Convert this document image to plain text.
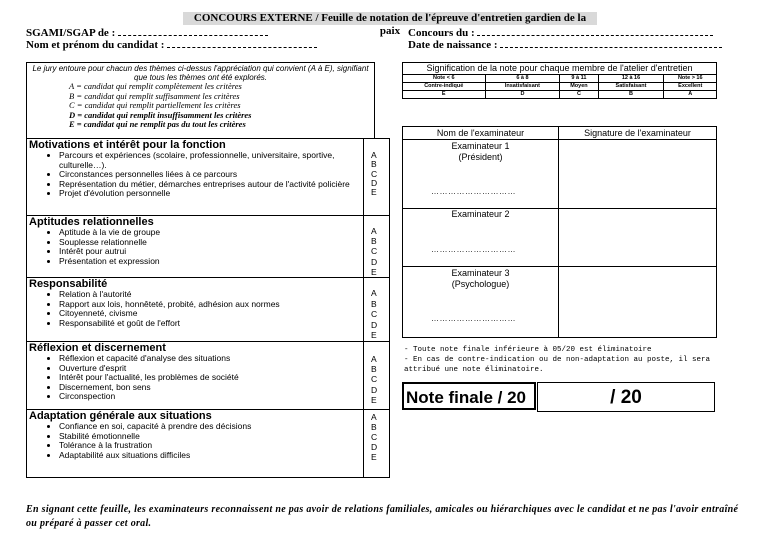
CONCOURS EXTERNE / Feuille de notation de l'épreuve d'entretien gardien de la paix
SGAMI/SGAP de :
Nom et prénom du candidat :
Concours du :
Date de naissance :
Le jury entoure pour chacun des thèmes ci-dessus l'appréciation qui convient (A à E), signifiant que tous les thèmes ont été explorés.
A = candidat qui remplit complètement les critères
B = candidat qui remplit suffisamment les critères
C = candidat qui remplit partiellement les critères
D = candidat qui remplit insuffisamment les critères
E = candidat qui ne remplit pas du tout les critères
Motivations et intérêt pour la fonction
• Parcours et expériences (scolaire, professionnelle, universitaire, sportive, culturelle…).
• Circonstances personnelles liées à ce parcours
• Représentation du métier, démarches entreprises autour de l'activité policière
• Projet d'évolution personnelle
A
B
C
D
E
Aptitudes relationnelles
• Aptitude à la vie de groupe
• Souplesse relationnelle
• Intérêt pour autrui
• Présentation et expression
A
B
C
D
E
Responsabilité
• Relation à l'autorité
• Rapport aux lois, honnêteté, probité, adhésion aux normes
• Citoyenneté, civisme
• Responsabilité et goût de l'effort
A
B
C
D
E
Réflexion et discernement
• Réflexion et capacité d'analyse des situations
• Ouverture d'esprit
• Intérêt pour l'actualité, les problèmes de société
• Discernement, bon sens
• Circonspection
A
B
C
D
E
Adaptation générale aux situations
• Confiance en soi, capacité à prendre des décisions
• Stabilité émotionnelle
• Tolérance à la frustration
• Adaptabilité aux situations difficiles
A
B
C
D
E
Signification de la note pour chaque membre de l'atelier d'entretien
Note < 6	6 à 8	9 à 11	12 à 16	Note > 16
Contre-indiqué	Insatisfaisant	Moyen	Satisfaisant	Excellent
E	D	C	B	A
Nom de l'examinateur	Signature de l'examinateur
Examinateur 1
(Président)
…………………………
Examinateur 2
…………………………
Examinateur 3
(Psychologue)
…………………………
- Toute note finale inférieure à 05/20 est éliminatoire
- En cas de contre-indication ou de non-adaptation au poste, il sera attribué une note éliminatoire.
Note finale / 20	/ 20
En signant cette feuille, les examinateurs reconnaissent ne pas avoir de relations familiales, amicales ou hiérarchiques avec le candidat et ne pas l'avoir entraîné ou préparé à passer cet oral.
